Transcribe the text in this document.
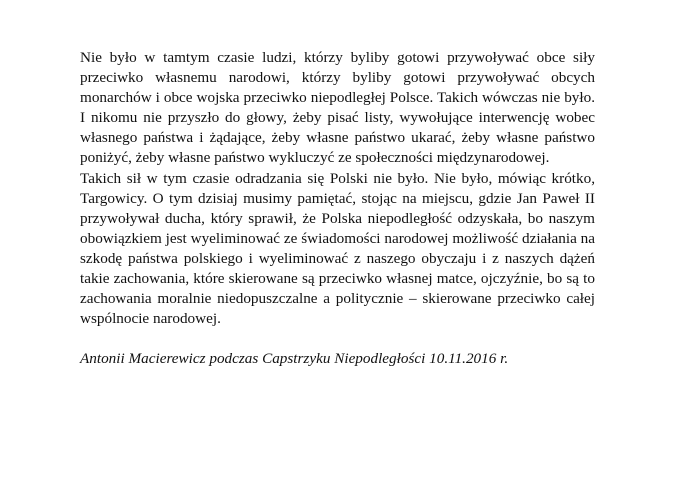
Nie było w tamtym czasie ludzi, którzy byliby gotowi przywoływać obce siły przeciwko własnemu narodowi, którzy byliby gotowi przywoływać obcych monarchów i obce wojska przeciwko niepodległej Polsce. Takich wówczas nie było. I nikomu nie przyszło do głowy, żeby pisać listy, wywołujące interwencję wobec własnego państwa i żądające, żeby własne państwo ukarać, żeby własne państwo poniżyć, żeby własne państwo wykluczyć ze społeczności międzynarodowej.

Takich sił w tym czasie odradzania się Polski nie było. Nie było, mówiąc krótko, Targowicy. O tym dzisiaj musimy pamiętać, stojąc na miejscu, gdzie Jan Paweł II przywoływał ducha, który sprawił, że Polska niepodległość odzyskała, bo naszym obowiązkiem jest wyeliminować ze świadomości narodowej możliwość działania na szkodę państwa polskiego i wyeliminować z naszego obyczaju i z naszych dążeń takie zachowania, które skierowane są przeciwko własnej matce, ojczyźnie, bo są to zachowania moralnie niedopuszczalne a politycznie – skierowane przeciwko całej wspólnocie narodowej.

Antonii Macierewicz podczas Capstrzyku Niepodległości 10.11.2016 r.
